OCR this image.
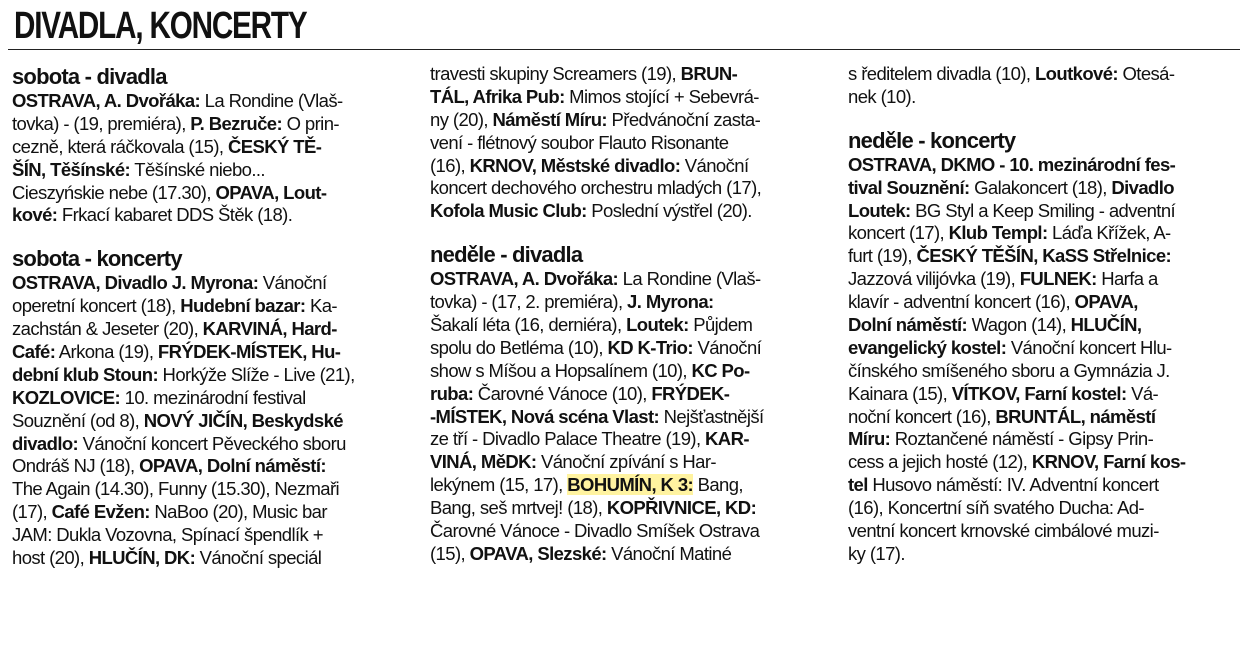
DIVADLA, KONCERTY
sobota - divadla
OSTRAVA, A. Dvořáka: La Rondine (Vlaš-
tovka) - (19, premiéra), P. Bezruče: O prin-
cezně, která ráčkovala (15), ČESKÝ TĚ-
ŠÍN, Těšínské: Těšínské niebo...
Cieszyńskie nebe (17.30), OPAVA, Lout-
kové: Frkací kabaret DDS Štěk (18).
sobota - koncerty
OSTRAVA, Divadlo J. Myrona: Vánoční
operetní koncert (18), Hudební bazar: Ka-
zachstán & Jeseter (20), KARVINÁ, Hard-
Café: Arkona (19), FRÝDEK-MÍSTEK, Hu-
dební klub Stoun: Horkýže Slíže - Live (21),
KOZLOVICE: 10. mezinárodní festival
Souznění (od 8), NOVÝ JIČÍN, Beskydské
divadlo: Vánoční koncert Pěveckého sboru
Ondráš NJ (18), OPAVA, Dolní náměstí:
The Again (14.30), Funny (15.30), Nezmaři
(17), Café Evžen: NaBoo (20), Music bar
JAM: Dukla Vozovna, Spínací špendlík +
host (20), HLUČÍN, DK: Vánoční speciál
travesti skupiny Screamers (19), BRUN-
TÁL, Afrika Pub: Mimos stojící + Sebevrá-
ny (20), Náměstí Míru: Předvánoční zasta-
vení - flétnový soubor Flauto Risonante
(16), KRNOV, Městské divadlo: Vánoční
koncert dechového orchestru mladých (17),
Kofola Music Club: Poslední výstřel (20).
neděle - divadla
OSTRAVA, A. Dvořáka: La Rondine (Vlaš-
tovka) - (17, 2. premiéra), J. Myrona:
Šakalí léta (16, derniéra), Loutek: Půjdem
spolu do Betléma (10), KD K-Trio: Vánoční
show s Míšou a Hopsalínem (10), KC Po-
ruba: Čarovné Vánoce (10), FRÝDEK-
-MÍSTEK, Nová scéna Vlast: Nejšťastnější
ze tří - Divadlo Palace Theatre (19), KAR-
VINÁ, MěDK: Vánoční zpívání s Har-
lekýnem (15, 17), BOHUMÍN, K 3: Bang,
Bang, seš mrtvej! (18), KOPŘIVNICE, KD:
Čarovné Vánoce - Divadlo Smíšek Ostrava
(15), OPAVA, Slezské: Vánoční Matiné
s ředitelem divadla (10), Loutkové: Otesá-
nek (10).
neděle - koncerty
OSTRAVA, DKMO - 10. mezinárodní fes-
tival Souznění: Galakoncert (18), Divadlo
Loutek: BG Styl a Keep Smiling - adventní
koncert (17), Klub Templ: Láďa Křížek, A-
furt (19), ČESKÝ TĚŠÍN, KaSS Střelnice:
Jazzová vilijóvka (19), FULNEK: Harfa a
klavír - adventní koncert (16), OPAVA,
Dolní náměstí: Wagon (14), HLUČÍN,
evangelický kostel: Vánoční koncert Hlu-
čínského smíšeného sboru a Gymnázia J.
Kainara (15), VÍTKOV, Farní kostel: Vá-
noční koncert (16), BRUNTÁL, náměstí
Míru: Roztančené náměstí - Gipsy Prin-
cess a jejich hosté (12), KRNOV, Farní kos-
tel Husovo náměstí: IV. Adventní koncert
(16), Koncertní síň svatého Ducha: Ad-
ventní koncert krnovské cimbálové muzi-
ky (17).
